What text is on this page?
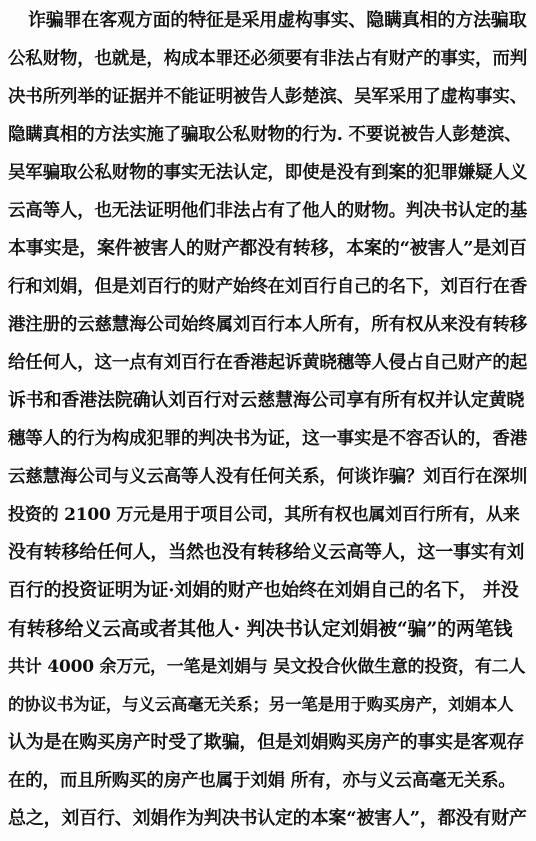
诈骗罪在客观方面的特征是采用虚构事实、隐瞒真相的方法骗取
公私财物，也就是，构成本罪还必须要有非法占有财产的事实，而判
决书所列举的证据并不能证明被告人彭楚滨、吴军采用了虚构事实、
隐瞒真相的方法实施了骗取公私财物的行为. 不要说被告人彭楚滨、
吴军骗取公私财物的事实无法认定，即使是没有到案的犯罪嫌疑人义
云高等人，也无法证明他们非法占有了他人的财物。判决书认定的基
本事实是，案件被害人的财产都没有转移，本案的“被害人”是刘百
行和刘娟，但是刘百行的财产始终在刘百行自己的名下，刘百行在香
港注册的云慈慧海公司始终属刘百行本人所有，所有权从来没有转移
给任何人，这一点有刘百行在香港起诉黄晓穗等人侵占自己财产的起
诉书和香港法院确认刘百行对云慈慧海公司享有所有权并认定黄晓
穗等人的行为构成犯罪的判决书为证，这一事实是不容否认的，香港
云慈慧海公司与义云高等人没有任何关系，何谈诈骗？刘百行在深圳
投资的 2100 万元是用于项目公司，其所有权也属刘百行所有，从来
没有转移给任何人，当然也没有转移给义云高等人，这一事实有刘
百行的投资证明为证·刘娟的财产也始终在刘娟自己的名下， 并没
有转移给义云高或者其他人· 判决书认定刘娟被“骗”的两笔钱
共计 4000 余万元，一笔是刘娟与 吴文投合伙做生意的投资，有二人
的协议书为证，与义云高毫无关系；另一笔是用于购买房产，刘娟本人
认为是在购买房产时受了欺骗，但是刘娟购买房产的事实是客观存
在的，而且所购买的房产也属于刘娟 所有，亦与义云高毫无关系。
总之，刘百行、刘娟作为判决书认定的本案“被害人”，都没有财产
